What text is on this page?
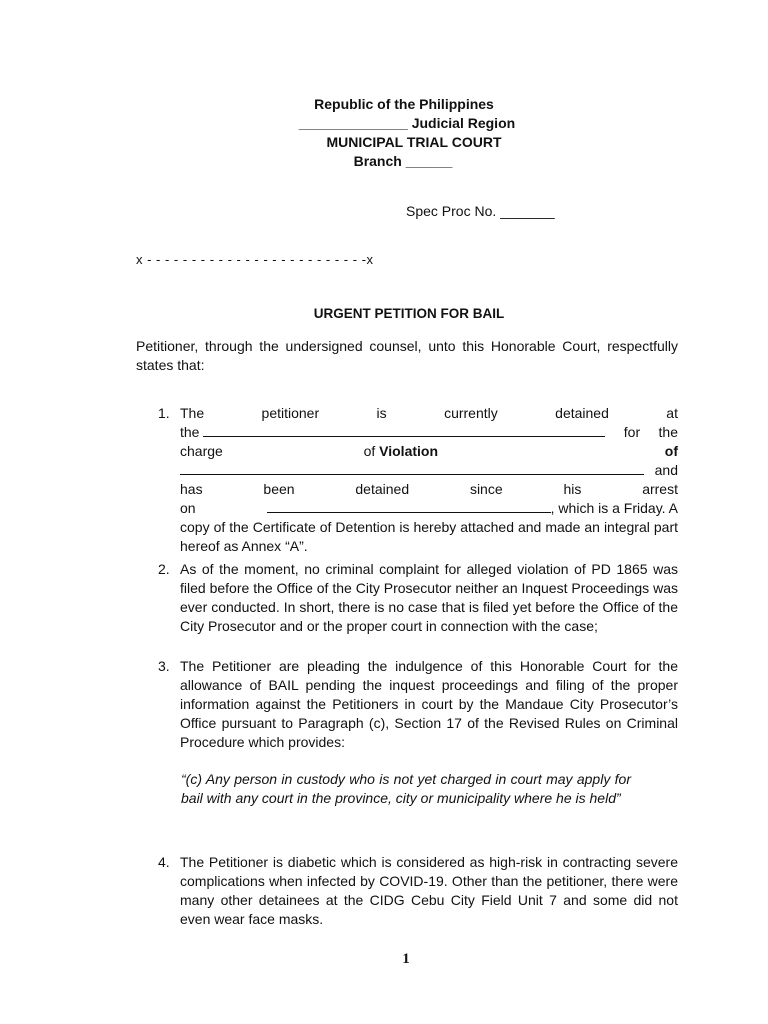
Republic of the Philippines
______________ Judicial Region
MUNICIPAL TRIAL COURT
Branch ______
Spec Proc No. _______
x - - - - - - - - - - - - - - - - - - - - - - - - -x
URGENT PETITION FOR BAIL
Petitioner, through the undersigned counsel, unto this Honorable Court, respectfully states that:
1. The	petitioner	is	currently	detained	at
the	for the
charge	of Violation	of
and
has	been	detained	since	his	arrest
on	, which is a Friday. A
copy of the Certificate of Detention is hereby attached and made an integral part hereof as Annex “A”.
2. As of the moment, no criminal complaint for alleged violation of PD 1865 was filed before the Office of the City Prosecutor neither an Inquest Proceedings was ever conducted. In short, there is no case that is filed yet before the Office of the City Prosecutor and or the proper court in connection with the case;
3. The Petitioner are pleading the indulgence of this Honorable Court for the allowance of BAIL pending the inquest proceedings and filing of the proper information against the Petitioners in court by the Mandaue City Prosecutor’s Office pursuant to Paragraph (c), Section 17 of the Revised Rules on Criminal Procedure which provides:
“(c) Any person in custody who is not yet charged in court may apply for bail with any court in the province, city or municipality where he is held”
4. The Petitioner is diabetic which is considered as high-risk in contracting severe complications when infected by COVID-19. Other than the petitioner, there were many other detainees at the CIDG Cebu City Field Unit 7 and some did not even wear face masks.
1
